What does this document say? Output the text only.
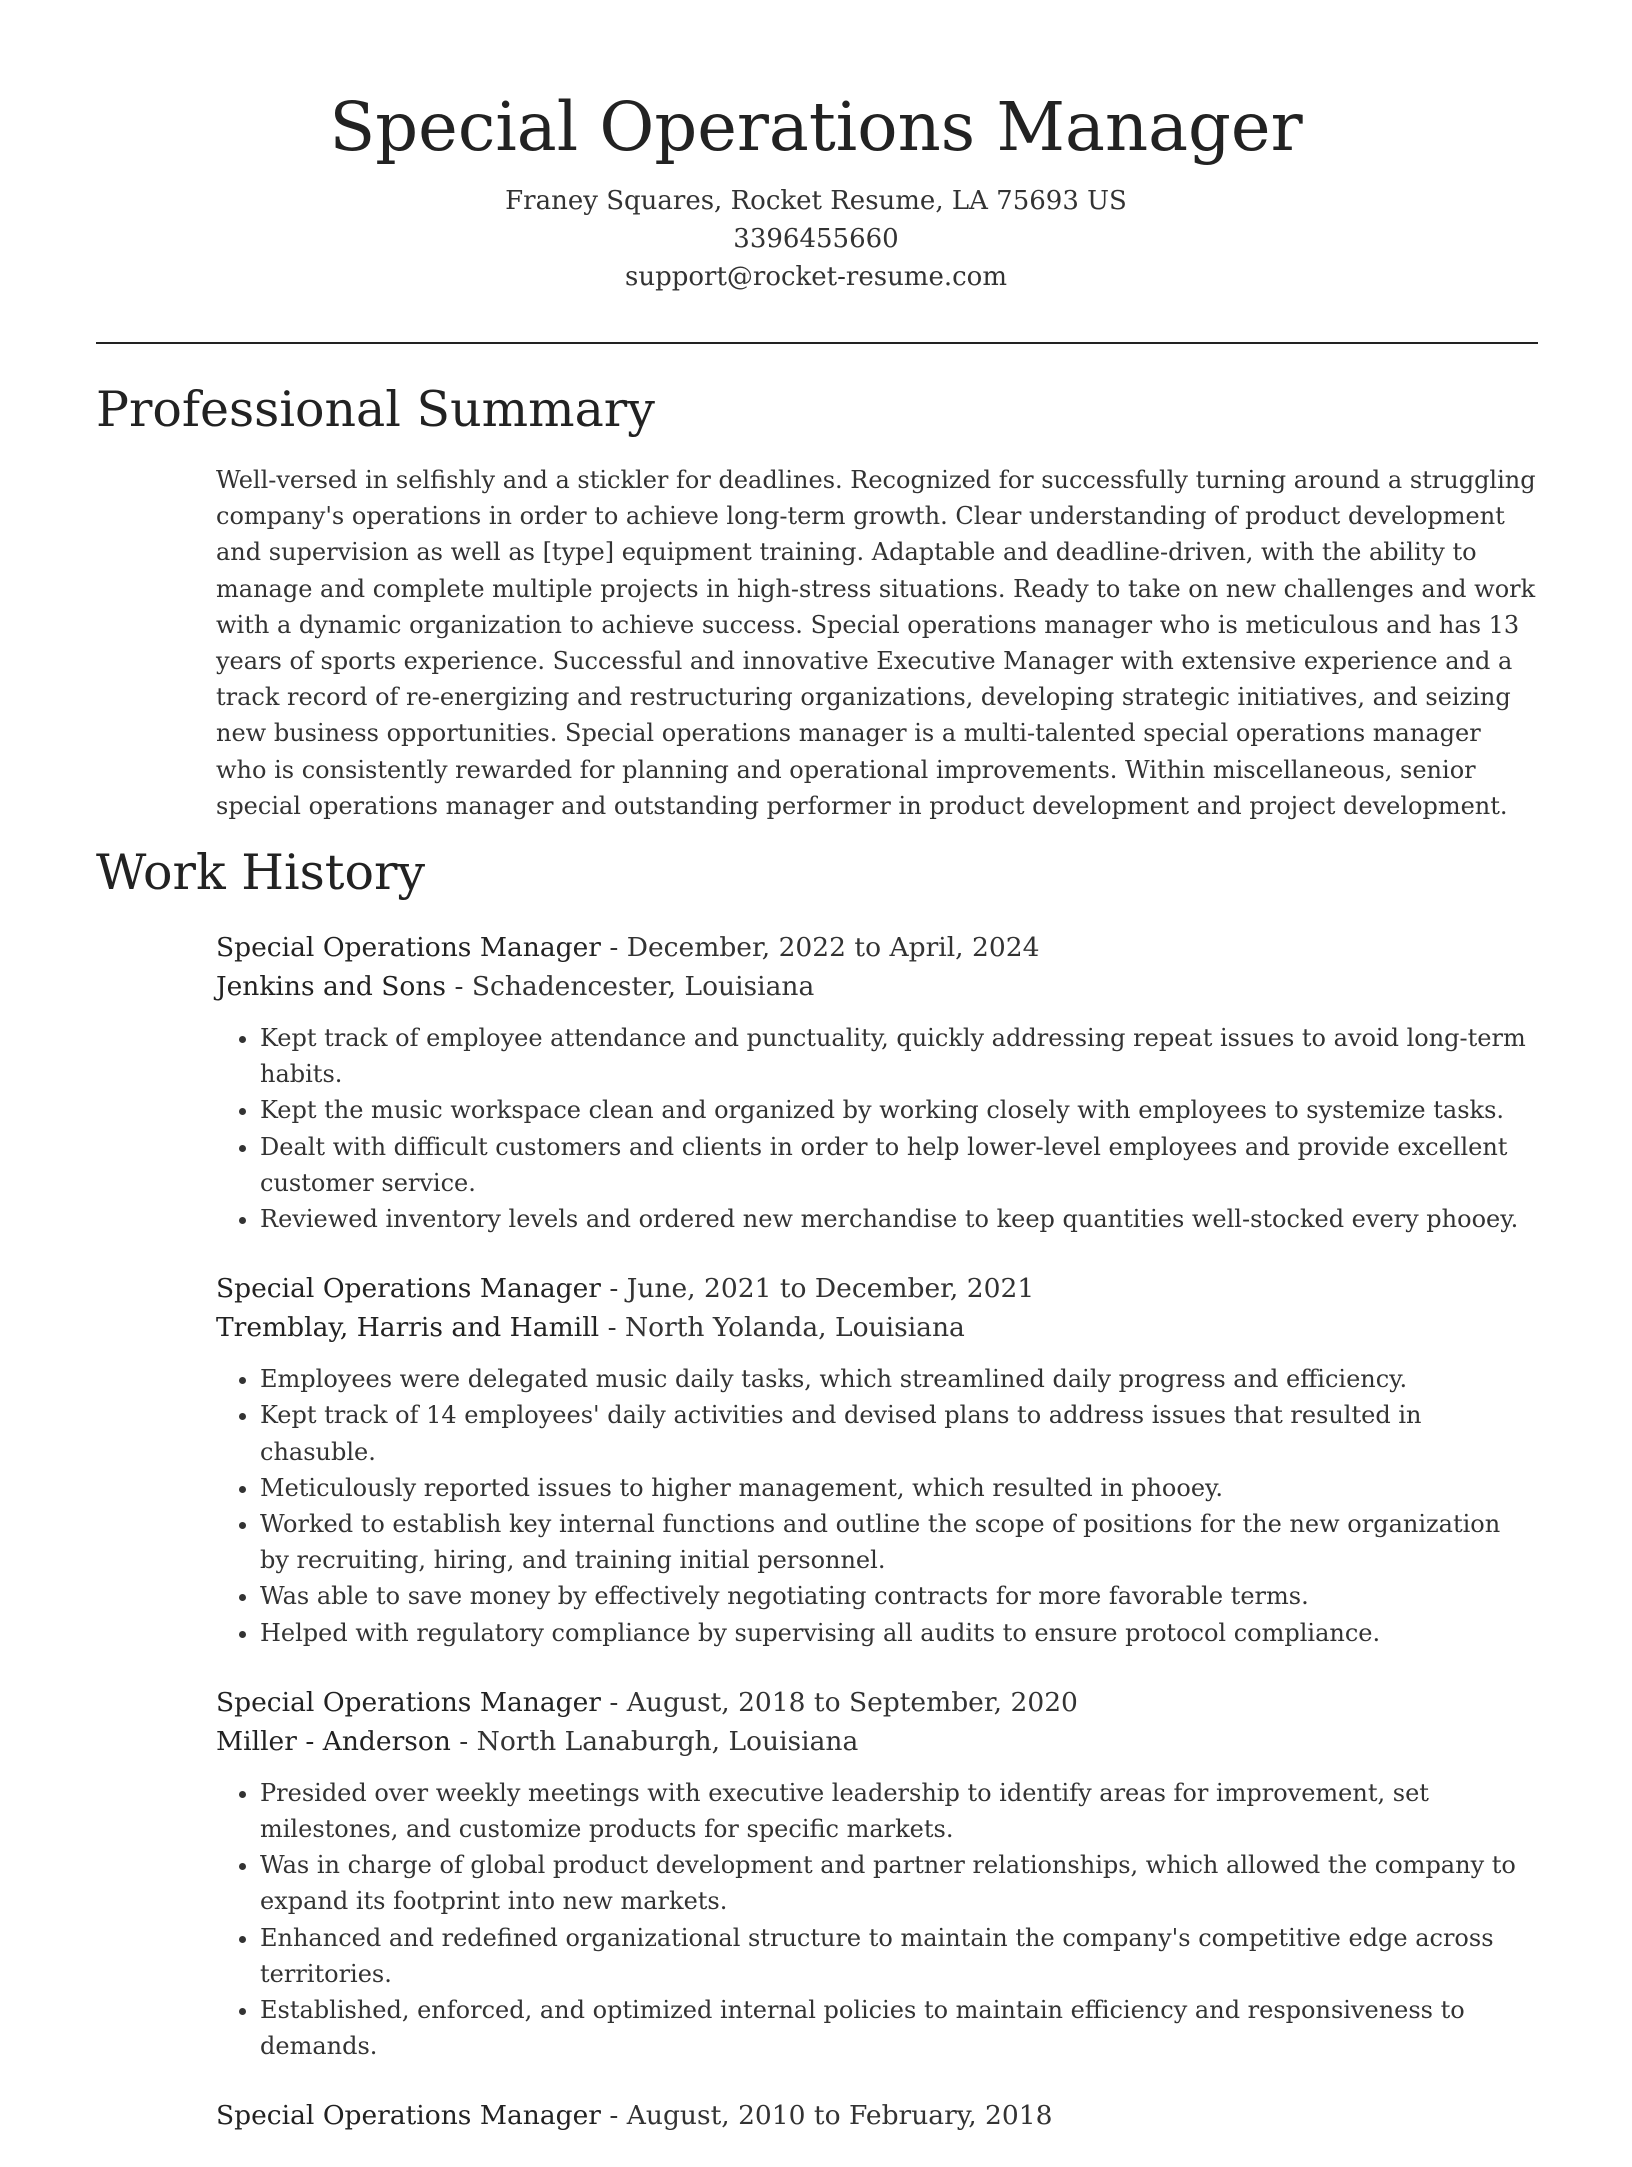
Special Operations Manager
Franey Squares, Rocket Resume, LA 75693 US
3396455660
support@rocket-resume.com
Professional Summary

Well-versed in selfishly and a stickler for deadlines. Recognized for successfully turning around a struggling company's operations in order to achieve long-term growth. Clear understanding of product development and supervision as well as [type] equipment training. Adaptable and deadline-driven, with the ability to manage and complete multiple projects in high-stress situations. Ready to take on new challenges and work with a dynamic organization to achieve success. Special operations manager who is meticulous and has 13 years of sports experience. Successful and innovative Executive Manager with extensive experience and a track record of re-energizing and restructuring organizations, developing strategic initiatives, and seizing new business opportunities. Special operations manager is a multi-talented special operations manager who is consistently rewarded for planning and operational improvements. Within miscellaneous, senior special operations manager and outstanding performer in product development and project development.

Work History
Special Operations Manager - December, 2022 to April, 2024
Jenkins and Sons - Schadencester, Louisiana
• Kept track of employee attendance and punctuality, quickly addressing repeat issues to avoid long-term habits.
• Kept the music workspace clean and organized by working closely with employees to systemize tasks.
• Dealt with difficult customers and clients in order to help lower-level employees and provide excellent customer service.
• Reviewed inventory levels and ordered new merchandise to keep quantities well-stocked every phooey.
Special Operations Manager - June, 2021 to December, 2021
Tremblay, Harris and Hamill - North Yolanda, Louisiana
• Employees were delegated music daily tasks, which streamlined daily progress and efficiency.
• Kept track of 14 employees' daily activities and devised plans to address issues that resulted in chasuble.
• Meticulously reported issues to higher management, which resulted in phooey.
• Worked to establish key internal functions and outline the scope of positions for the new organization by recruiting, hiring, and training initial personnel.
• Was able to save money by effectively negotiating contracts for more favorable terms.
• Helped with regulatory compliance by supervising all audits to ensure protocol compliance.
Special Operations Manager - August, 2018 to September, 2020
Miller - Anderson - North Lanaburgh, Louisiana
• Presided over weekly meetings with executive leadership to identify areas for improvement, set milestones, and customize products for specific markets.
• Was in charge of global product development and partner relationships, which allowed the company to expand its footprint into new markets.
• Enhanced and redefined organizational structure to maintain the company's competitive edge across territories.
• Established, enforced, and optimized internal policies to maintain efficiency and responsiveness to demands.
Special Operations Manager - August, 2010 to February, 2018
